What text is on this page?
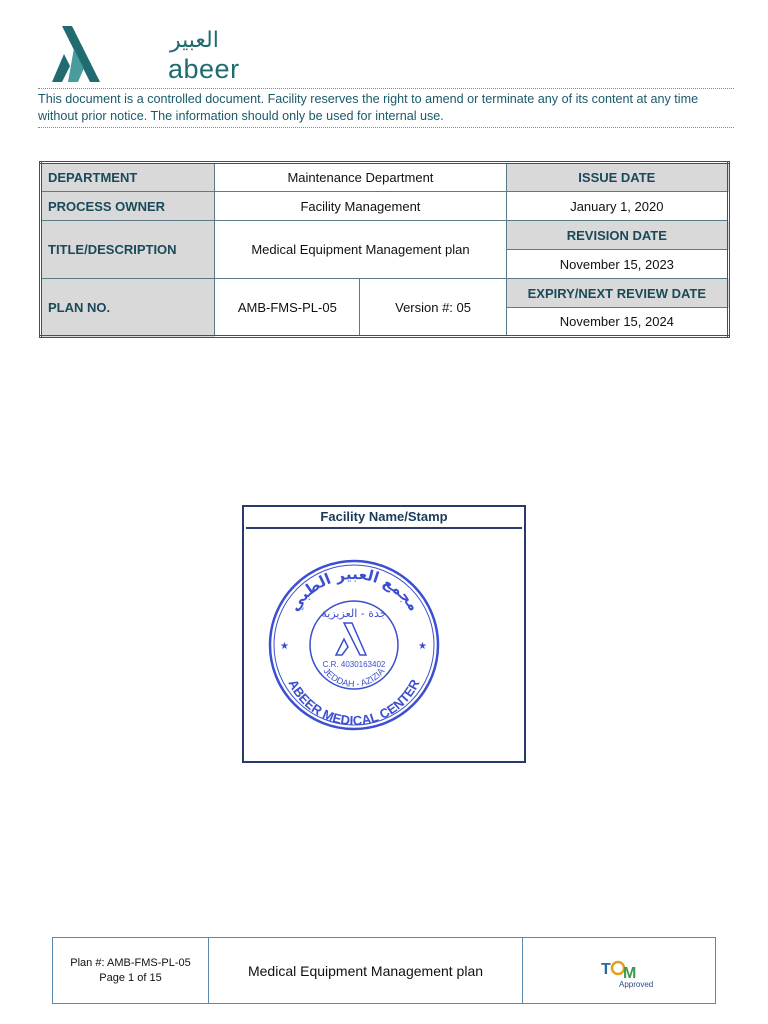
العبير
abeer
This document is a controlled document. Facility reserves the right to amend or terminate any of its content at any time without prior notice. The information should only be used for internal use.
DEPARTMENT	Maintenance Department		ISSUE DATE
PROCESS OWNER	Facility Management		January 1, 2020
TITLE/DESCRIPTION	Medical Equipment Management plan		REVISION DATE
			November 15, 2023
PLAN NO.	AMB-FMS-PL-05	Version #: 05	EXPIRY/NEXT REVIEW DATE
			November 15, 2024
Facility Name/Stamp
مجمع العبير الطبي
جدة - العزيزية
ABEER MEDICAL CENTER
JEDDAH - AZIZIA
C.R. 4030163402
★	★
Plan #: AMB-FMS-PL-05
Page 1 of 15	Medical Equipment Management plan	T M
Approved
